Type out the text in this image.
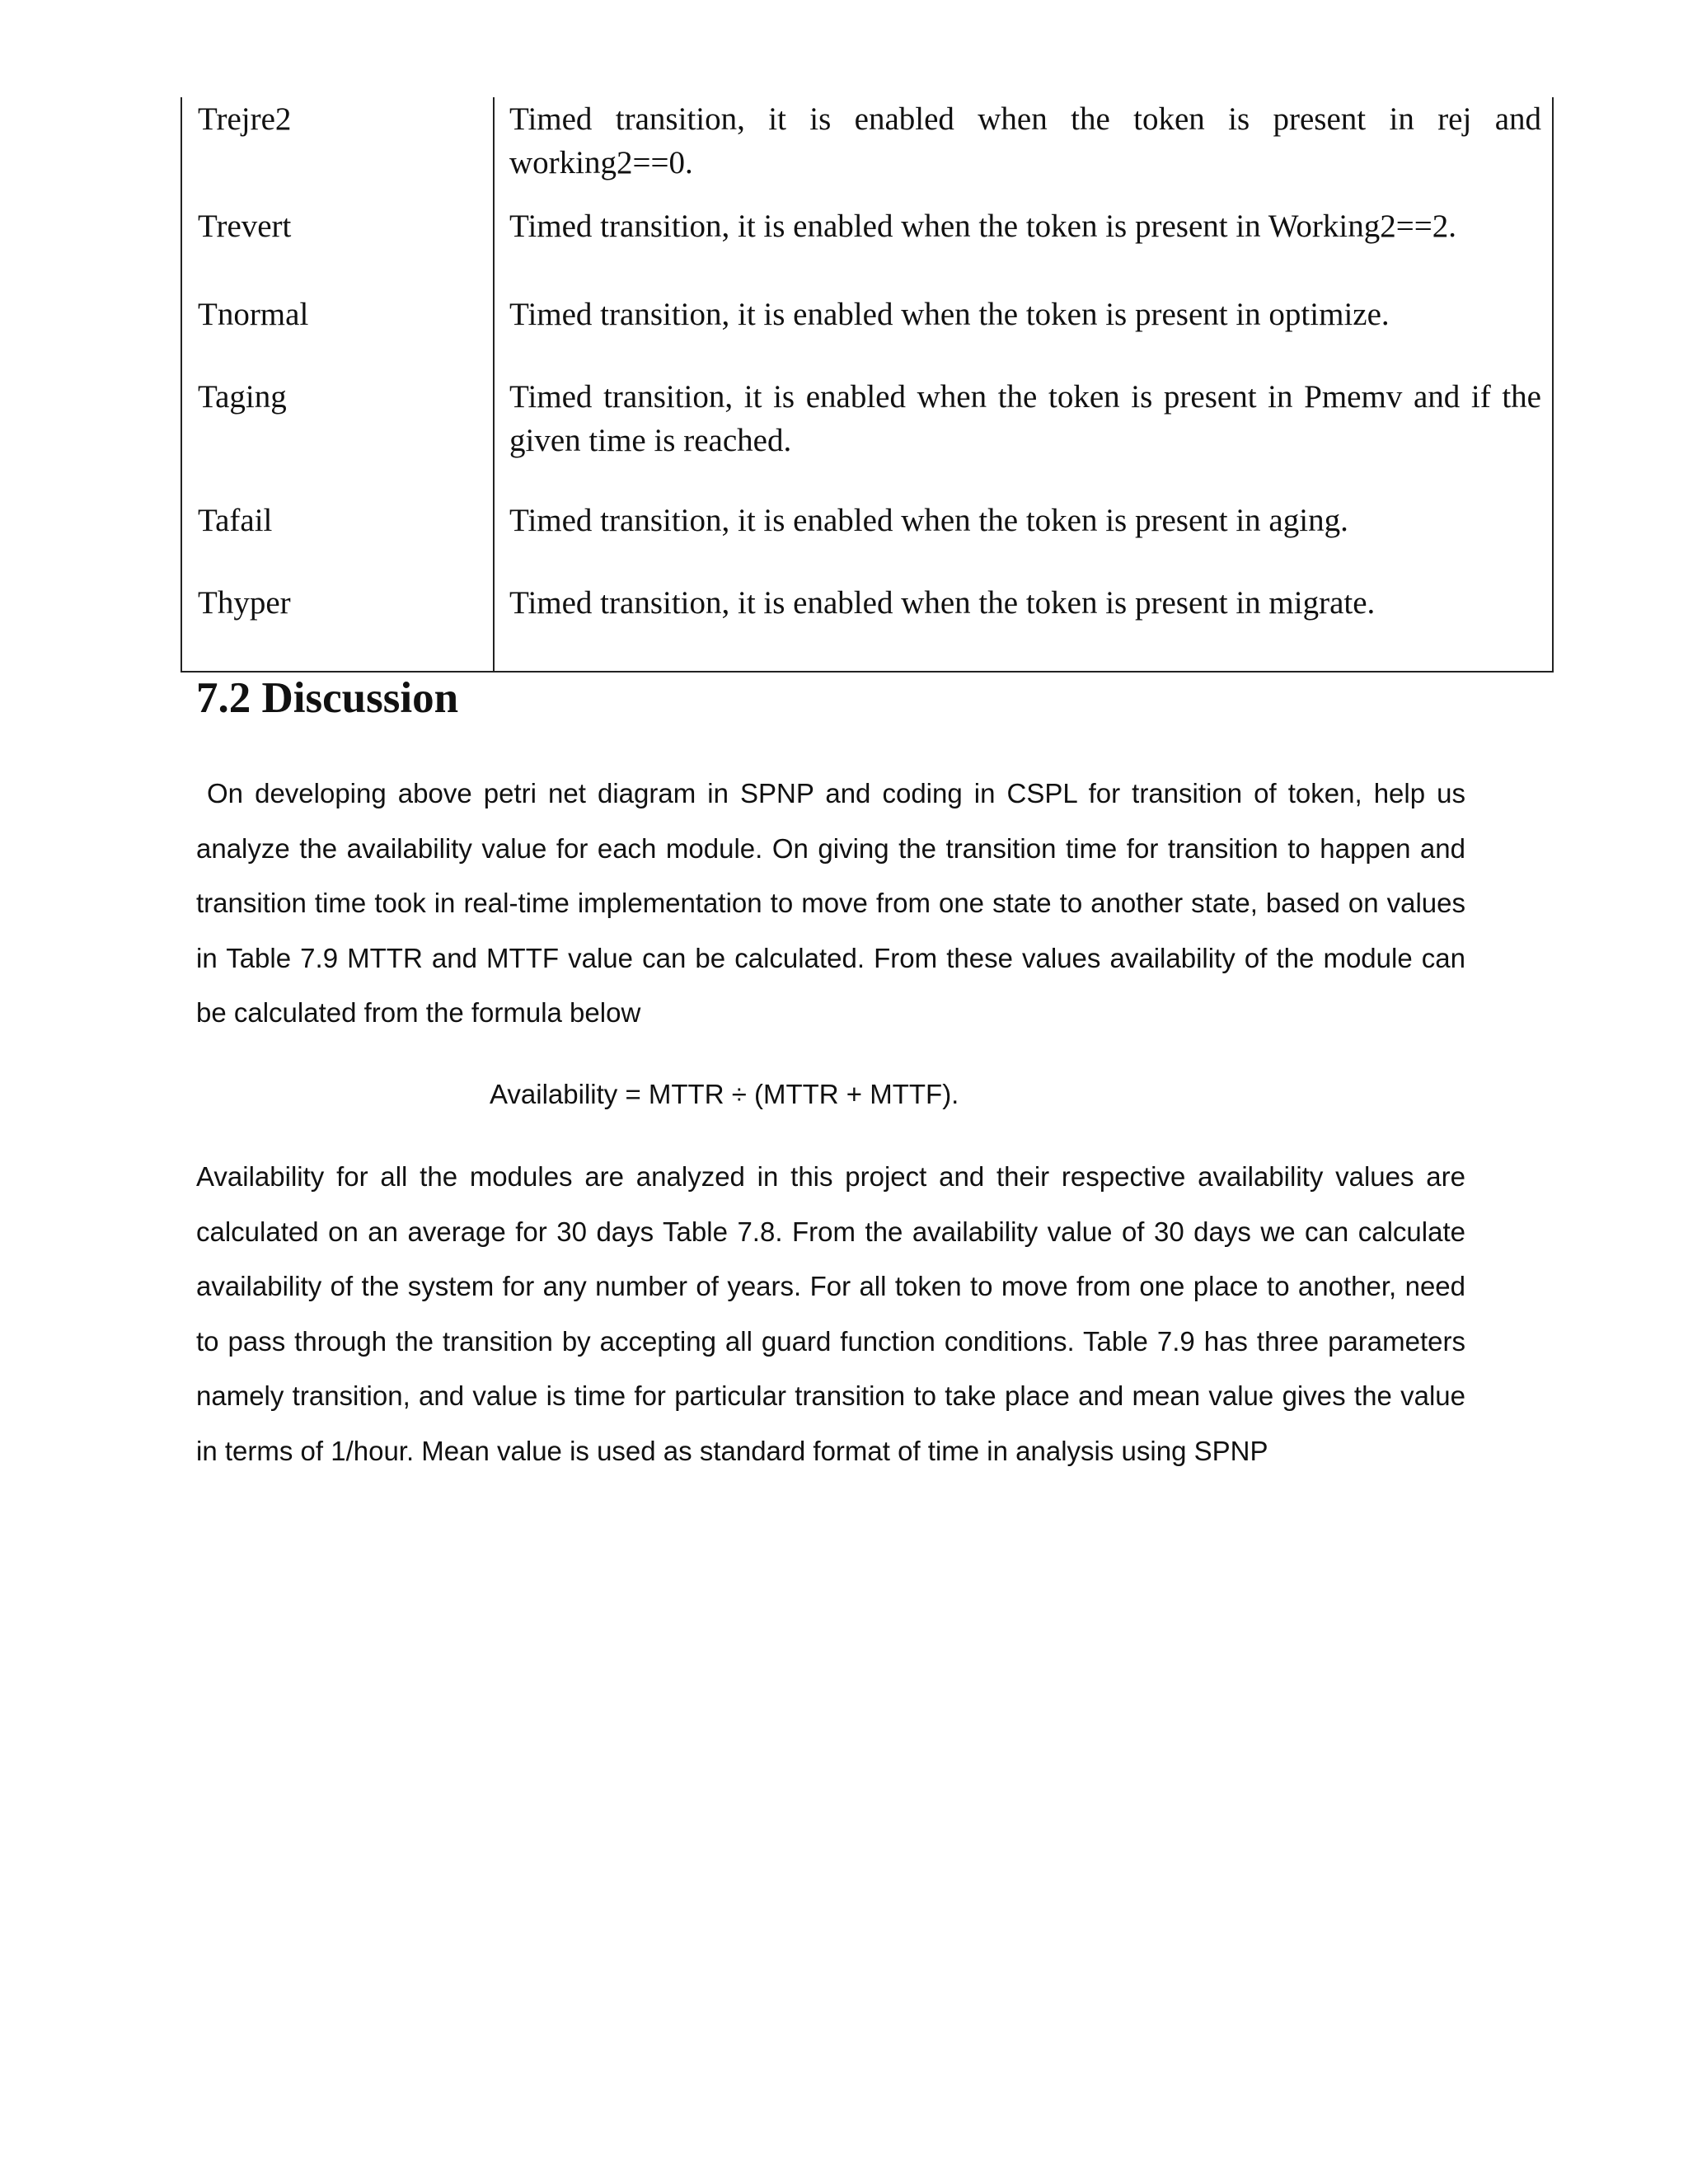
Trejre2	Timed transition, it is enabled when the token is present in rej and working2==0.
Trevert	Timed transition, it is enabled when the token is present in Working2==2.
Tnormal	Timed transition, it is enabled when the token is present in optimize.
Taging	Timed transition, it is enabled when the token is present in Pmemv and if the given time is reached.
Tafail	Timed transition, it is enabled when the token is present in aging.
Thyper	Timed transition, it is enabled when the token is present in migrate.
7.2 Discussion

On developing above petri net diagram in SPNP and coding in CSPL for transition of token, help us analyze the availability value for each module. On giving the transition time for transition to happen and transition time took in real-time implementation to move from one state to another state, based on values in Table 7.9 MTTR and MTTF value can be calculated. From these values availability of the module can be calculated from the formula below

Availability = MTTR ÷ (MTTR + MTTF).

Availability for all the modules are analyzed in this project and their respective availability values are calculated on an average for 30 days Table 7.8. From the availability value of 30 days we can calculate availability of the system for any number of years. For all token to move from one place to another, need to pass through the transition by accepting all guard function conditions. Table 7.9 has three parameters namely transition, and value is time for particular transition to take place and mean value gives the value in terms of 1/hour. Mean value is used as standard format of time in analysis using SPNP
